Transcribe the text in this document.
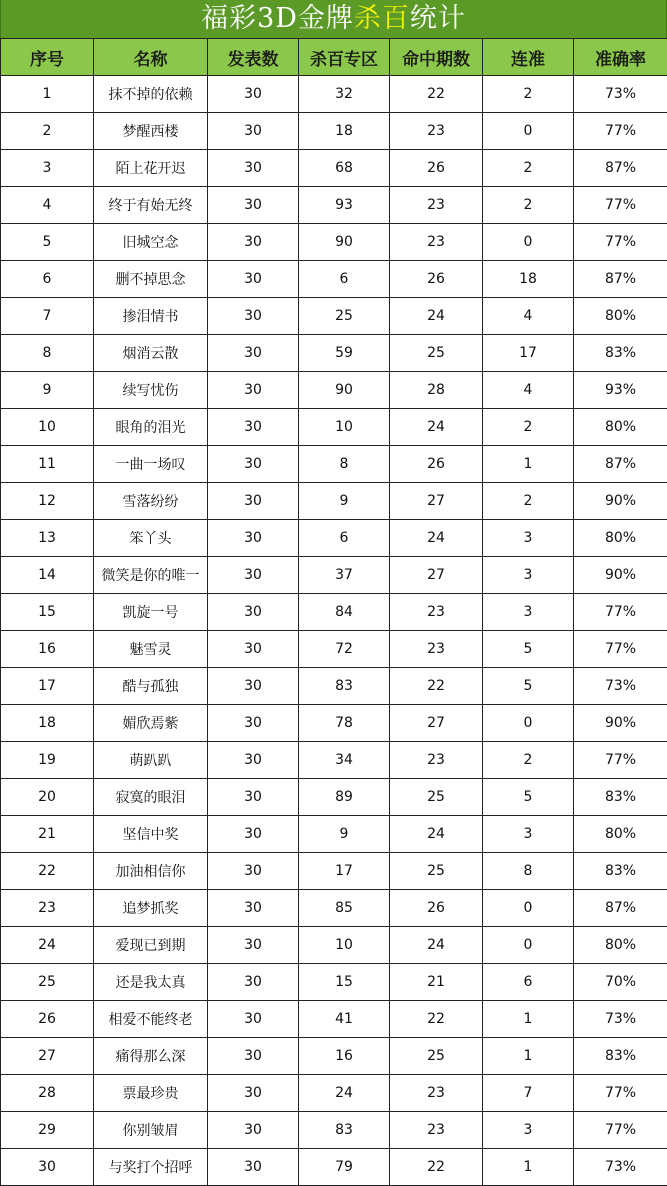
福彩3D金牌杀百统计
序号	名称	发表数	杀百专区	命中期数	连准	准确率
1	抹不掉的依赖	30	32	22	2	73%
2	梦醒西楼	30	18	23	0	77%
3	陌上花开迟	30	68	26	2	87%
4	终于有始无终	30	93	23	2	77%
5	旧城空念	30	90	23	0	77%
6	删不掉思念	30	6	26	18	87%
7	掺泪情书	30	25	24	4	80%
8	烟消云散	30	59	25	17	83%
9	续写忧伤	30	90	28	4	93%
10	眼角的泪光	30	10	24	2	80%
11	一曲一场叹	30	8	26	1	87%
12	雪落纷纷	30	9	27	2	90%
13	笨丫头	30	6	24	3	80%
14	微笑是你的唯一	30	37	27	3	90%
15	凯旋一号	30	84	23	3	77%
16	魅雪灵	30	72	23	5	77%
17	酷与孤独	30	83	22	5	73%
18	媚欣焉紫	30	78	27	0	90%
19	萌趴趴	30	34	23	2	77%
20	寂寞的眼泪	30	89	25	5	83%
21	坚信中奖	30	9	24	3	80%
22	加油相信你	30	17	25	8	83%
23	追梦抓奖	30	85	26	0	87%
24	爱现已到期	30	10	24	0	80%
25	还是我太真	30	15	21	6	70%
26	相爱不能终老	30	41	22	1	73%
27	痛得那么深	30	16	25	1	83%
28	票最珍贵	30	24	23	7	77%
29	你别皱眉	30	83	23	3	77%
30	与奖打个招呼	30	79	22	1	73%
